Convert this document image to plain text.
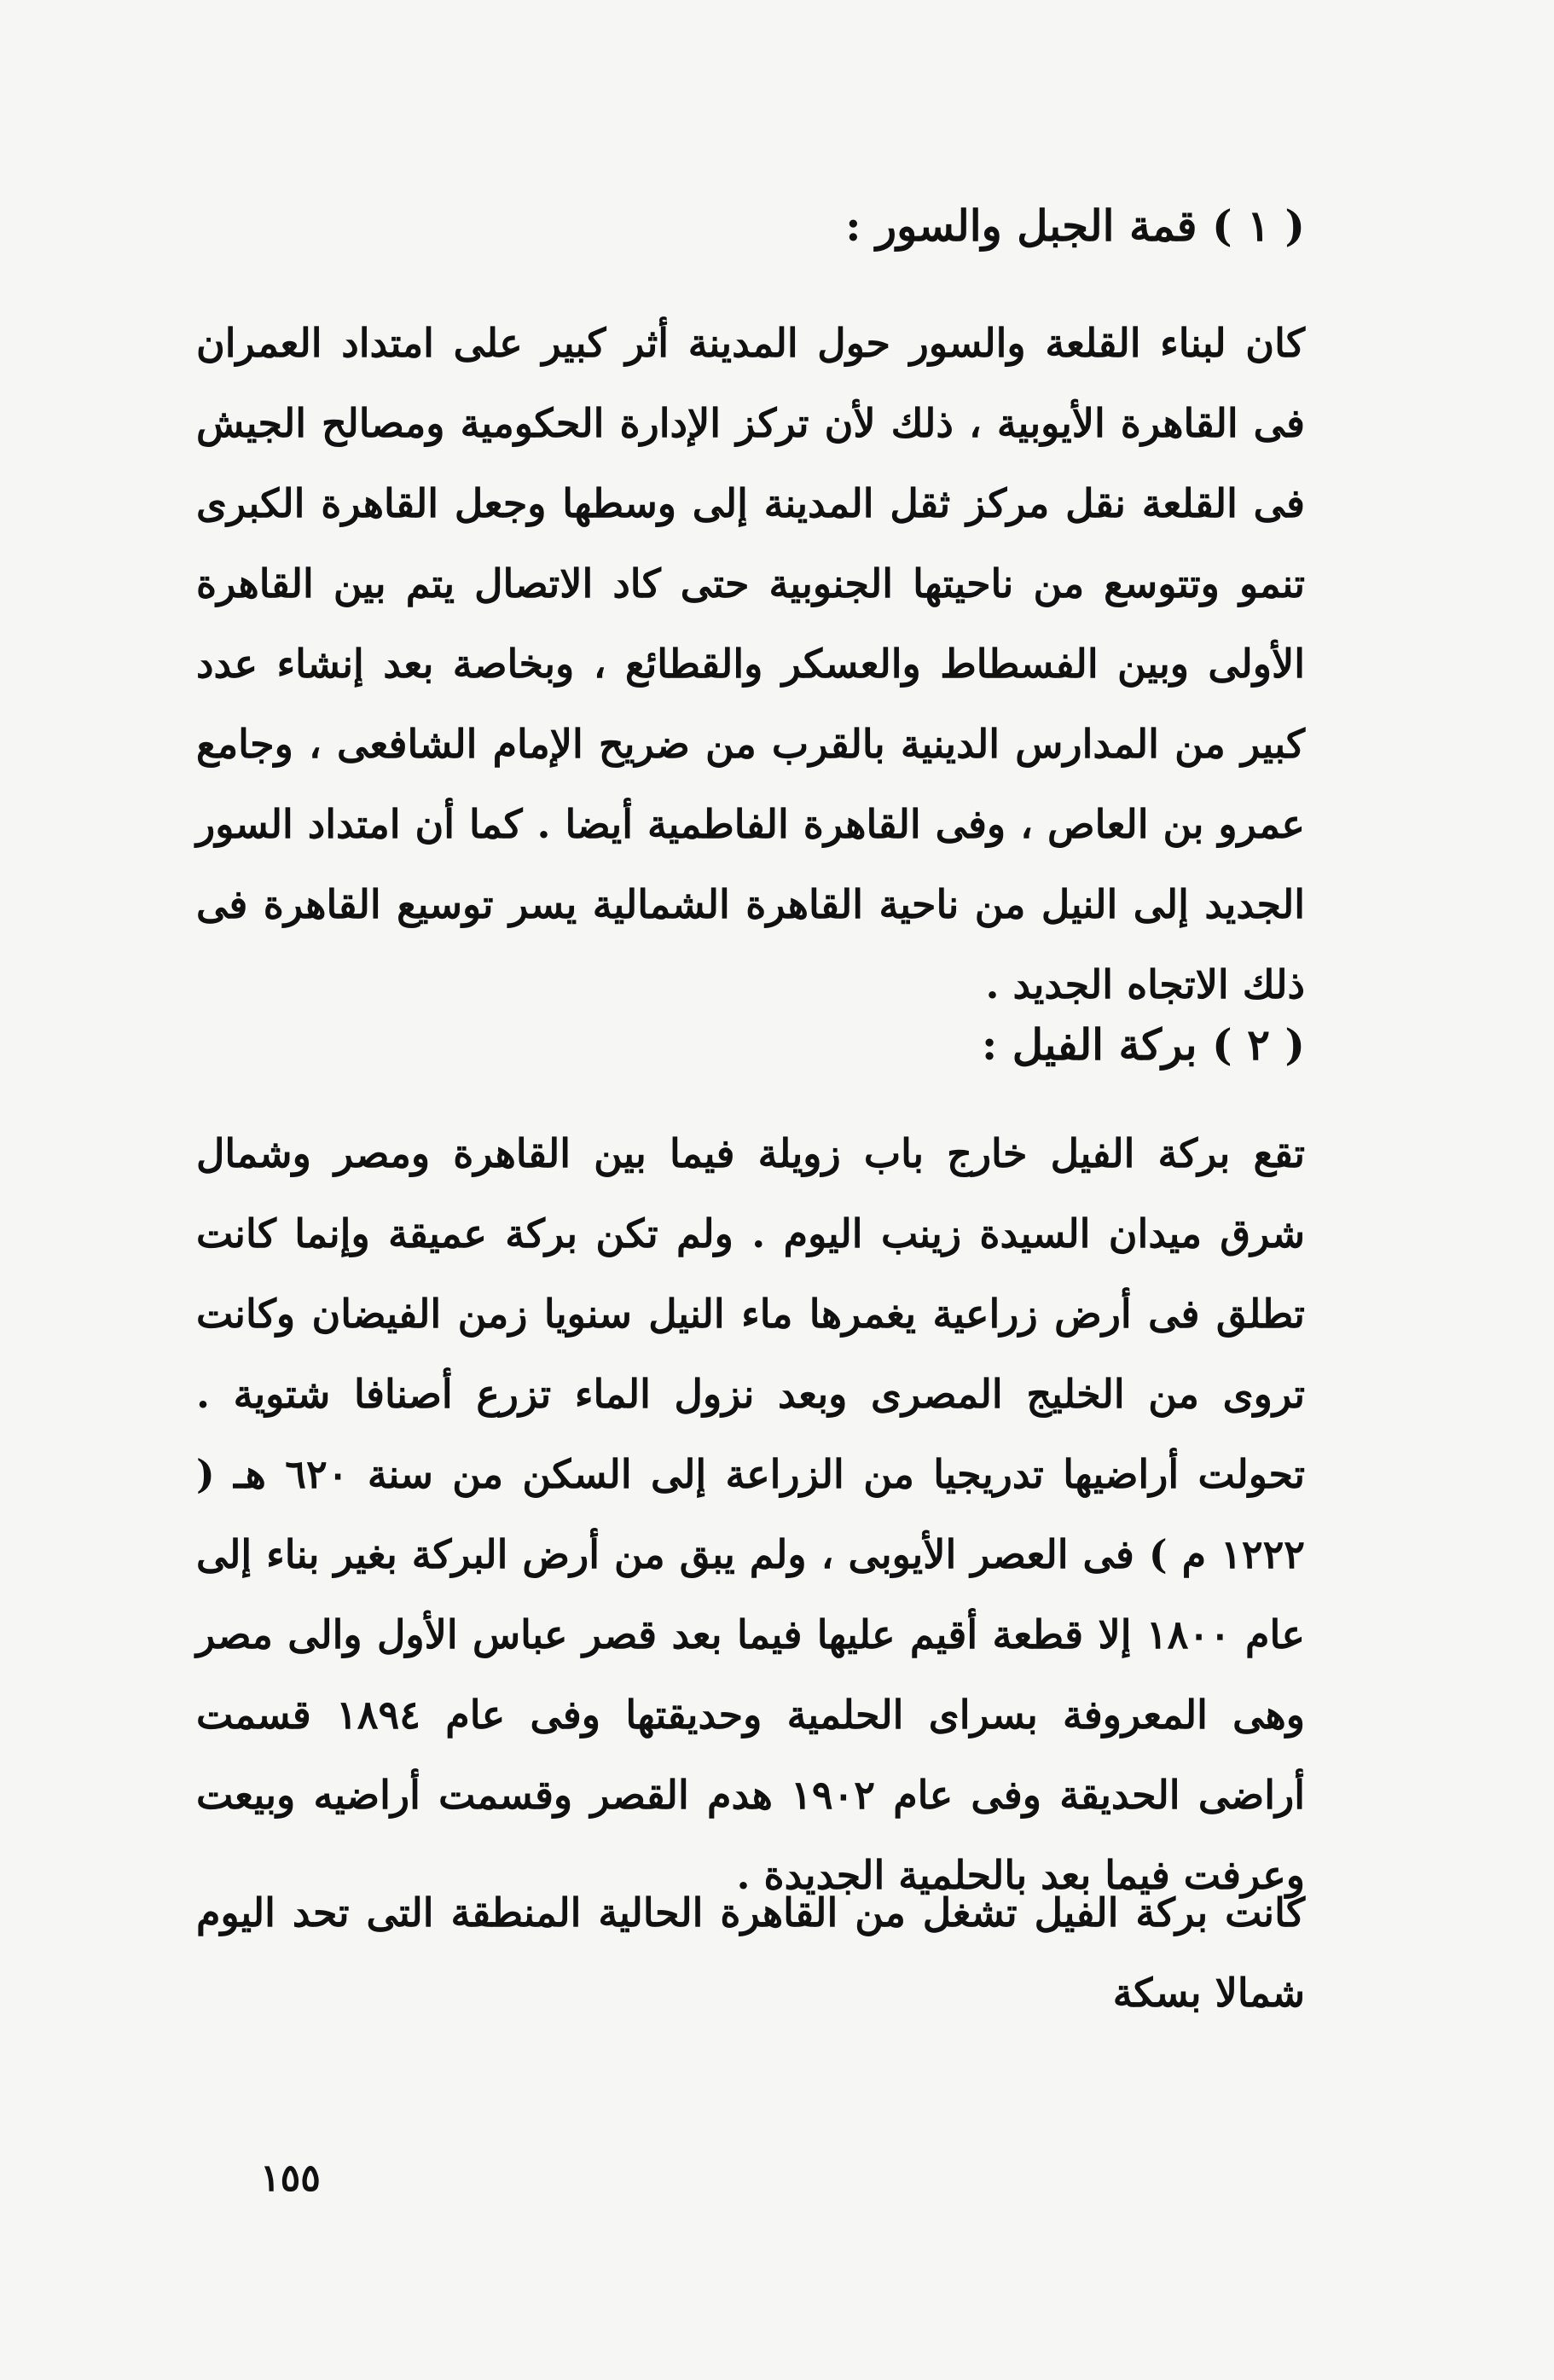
( ١ ) قمة الجبل والسور :
كان لبناء القلعة والسور حول المدينة أثر كبير على امتداد العمران فى القاهرة الأيوبية ، ذلك لأن تركز الإدارة الحكومية ومصالح الجيش فى القلعة نقل مركز ثقل المدينة إلى وسطها وجعل القاهرة الكبرى تنمو وتتوسع من ناحيتها الجنوبية حتى كاد الاتصال يتم بين القاهرة الأولى وبين الفسطاط والعسكر والقطائع ، وبخاصة بعد إنشاء عدد كبير من المدارس الدينية بالقرب من ضريح الإمام الشافعى ، وجامع عمرو بن العاص ، وفى القاهرة الفاطمية أيضا . كما أن امتداد السور الجديد إلى النيل من ناحية القاهرة الشمالية يسر توسيع القاهرة فى ذلك الاتجاه الجديد .
( ٢ ) بركة الفيل :
تقع بركة الفيل خارج باب زويلة فيما بين القاهرة ومصر وشمال شرق ميدان السيدة زينب اليوم . ولم تكن بركة عميقة وإنما كانت تطلق فى أرض زراعية يغمرها ماء النيل سنويا زمن الفيضان وكانت تروى من الخليج المصرى وبعد نزول الماء تزرع أصنافا شتوية . تحولت أراضيها تدريجيا من الزراعة إلى السكن من سنة ٦٢٠ هـ ( ١٢٢٢ م ) فى العصر الأيوبى ، ولم يبق من أرض البركة بغير بناء إلى عام ١٨٠٠ إلا قطعة أقيم عليها فيما بعد قصر عباس الأول والى مصر وهى المعروفة بسراى الحلمية وحديقتها وفى عام ١٨٩٤ قسمت أراضى الحديقة وفى عام ١٩٠٢ هدم القصر وقسمت أراضيه وبيعت وعرفت فيما بعد بالحلمية الجديدة .
كانت بركة الفيل تشغل من القاهرة الحالية المنطقة التى تحد اليوم شمالا بسكة
١٥٥
